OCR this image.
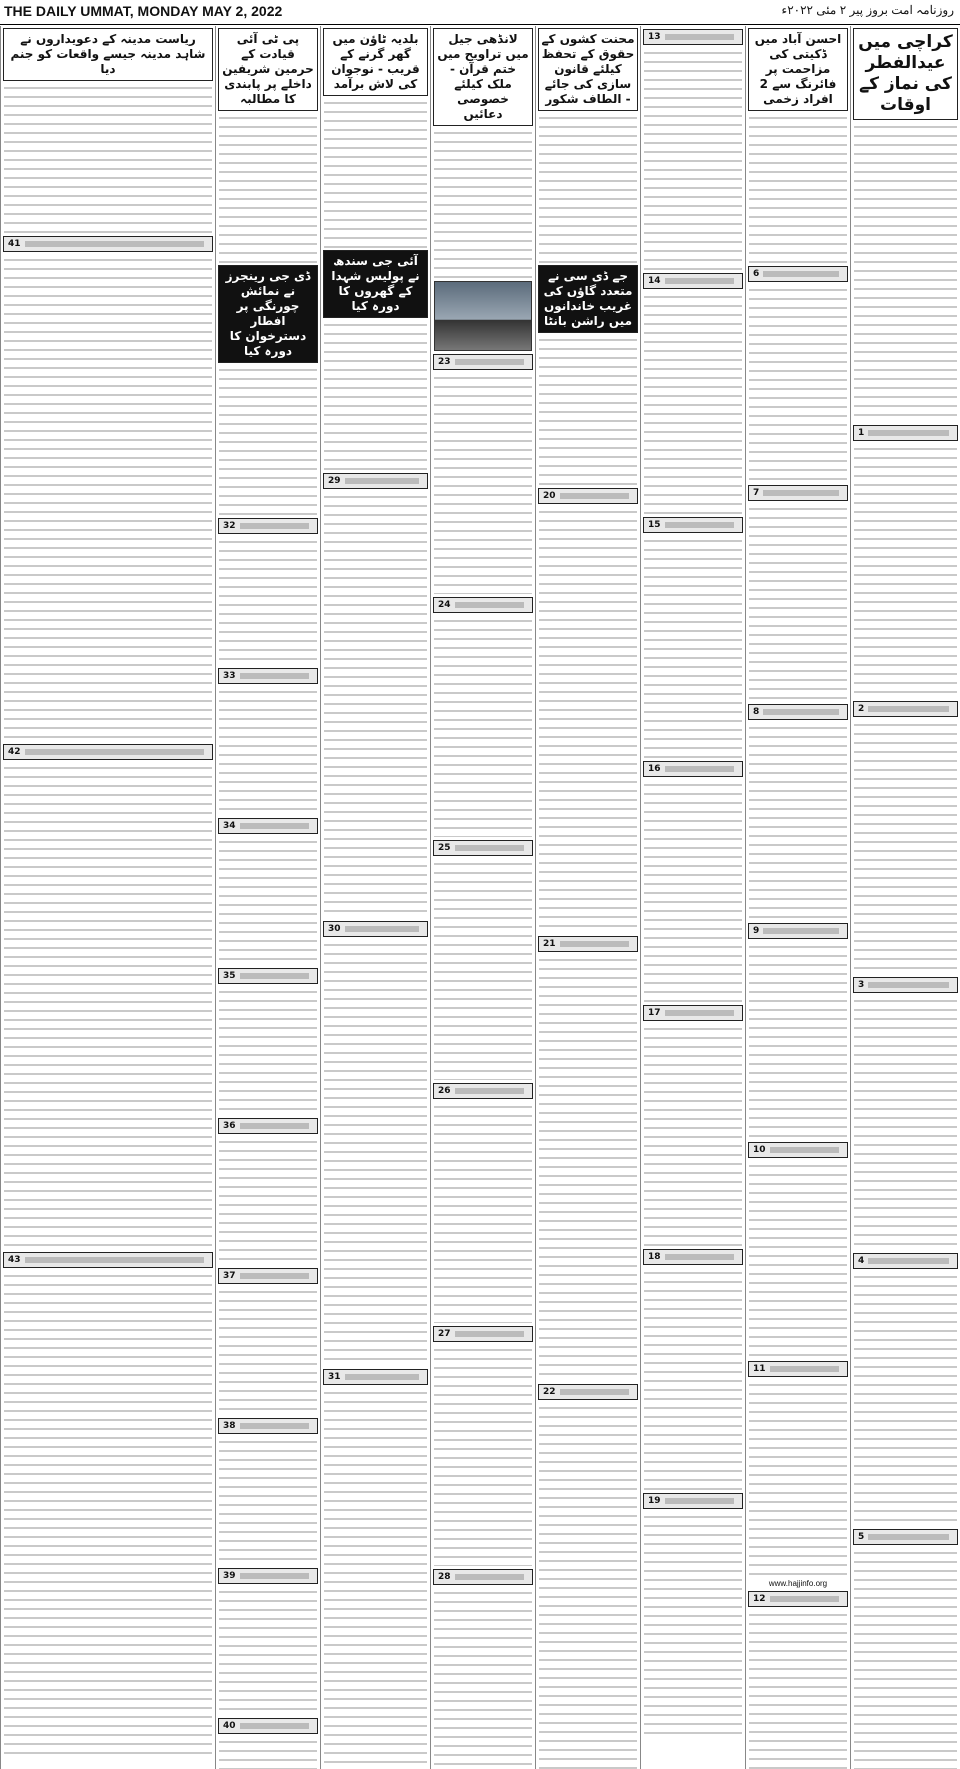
THE DAILY UMMAT, MONDAY MAY 2, 2022	روزنامہ امت بروز پیر ۲ مئی ۲۰۲۲ء
کراچی میں عیدالفطر کی نماز کے اوقات
1
2
3
4
5
احسن آباد میں ڈکیتی کی مزاحمت پر فائرنگ سے 2 افراد زخمی
6
7
8
9
10
11
www.hajjinfo.org
12
13
14
15
16
17
18
19
محنت کشوں کے حقوق کے تحفظ کیلئے قانون سازی کی جائے - الطاف شکور
جے ڈی سی نے متعدد گاؤں کی غریب خاندانوں میں راشن بانٹا
20
21
22
لانڈھی جیل میں تراویح میں ختم قرآن - ملک کیلئے خصوصی دعائیں
23
24
25
26
27
28
بلدیہ ٹاؤن میں گھر گرنے کے قریب - نوجوان کی لاش برآمد
آئی جی سندھ نے پولیس شہدا کے گھروں کا دورہ کیا
29
30
31
پی ٹی آئی قیادت کے حرمین شریفین داخلے پر پابندی کا مطالبہ
ڈی جی رینجرز نے نمائش چورنگی پر افطار دسترخوان کا دورہ کیا
32
33
34
35
36
37
38
39
40
ریاست مدینہ کے دعویداروں نے شاہد مدینہ جیسے واقعات کو جنم دیا
41
42
43
